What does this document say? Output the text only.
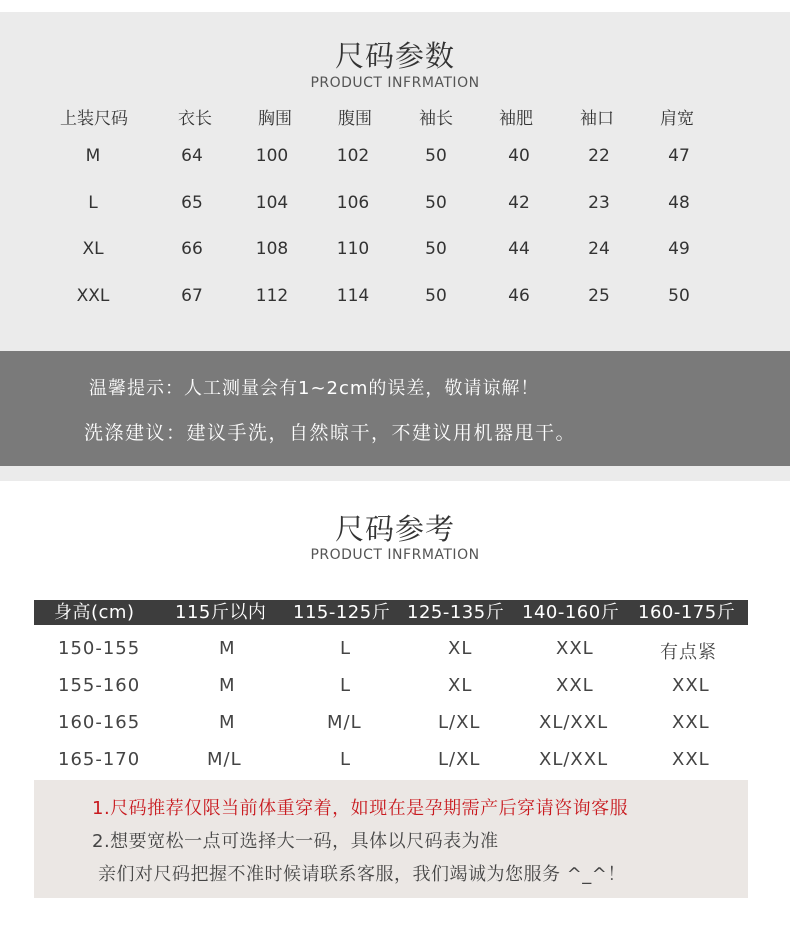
尺码参数
PRODUCT INFRMATION
上装尺码	衣长	胸围	腹围	袖长	袖肥	袖口	肩宽
M	64	100	102	50	40	22	47
L	65	104	106	50	42	23	48
XL	66	108	110	50	44	24	49
XXL	67	112	114	50	46	25	50
温馨提示：人工测量会有1~2cm的误差，敬请谅解！
洗涤建议：建议手洗，自然晾干，不建议用机器甩干。
尺码参考
PRODUCT INFRMATION
身高(cm) 115斤以内 115-125斤 125-135斤 140-160斤 160-175斤
150-155	M	L	XL	XXL	有点紧
155-160	M	L	XL	XXL	XXL
160-165	M	M/L	L/XL	XL/XXL	XXL
165-170	M/L	L	L/XL	XL/XXL	XXL
1.尺码推荐仅限当前体重穿着，如现在是孕期需产后穿请咨询客服
2.想要宽松一点可选择大一码，具体以尺码表为准
亲们对尺码把握不准时候请联系客服，我们竭诚为您服务 ^_^！
